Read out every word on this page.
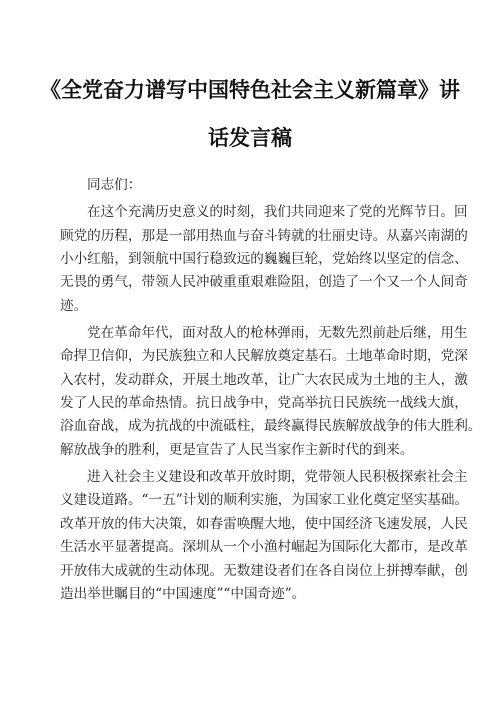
《全党奋力谱写中国特色社会主义新篇章》讲
话发言稿
同志们：
在这个充满历史意义的时刻，我们共同迎来了党的光辉节日。回
顾党的历程，那是一部用热血与奋斗铸就的壮丽史诗。从嘉兴南湖的
小小红船，到领航中国行稳致远的巍巍巨轮，党始终以坚定的信念、
无畏的勇气，带领人民冲破重重艰难险阻，创造了一个又一个人间奇
迹。
党在革命年代，面对敌人的枪林弹雨，无数先烈前赴后继，用生
命捍卫信仰，为民族独立和人民解放奠定基石。土地革命时期，党深
入农村，发动群众，开展土地改革，让广大农民成为土地的主人，激
发了人民的革命热情。抗日战争中，党高举抗日民族统一战线大旗，
浴血奋战，成为抗战的中流砥柱，最终赢得民族解放战争的伟大胜利。
解放战争的胜利，更是宣告了人民当家作主新时代的到来。
进入社会主义建设和改革开放时期，党带领人民积极探索社会主
义建设道路。“一五”计划的顺利实施，为国家工业化奠定坚实基础。
改革开放的伟大决策，如春雷唤醒大地，使中国经济飞速发展，人民
生活水平显著提高。深圳从一个小渔村崛起为国际化大都市，是改革
开放伟大成就的生动体现。无数建设者们在各自岗位上拼搏奉献，创
造出举世瞩目的“中国速度”“中国奇迹”。
